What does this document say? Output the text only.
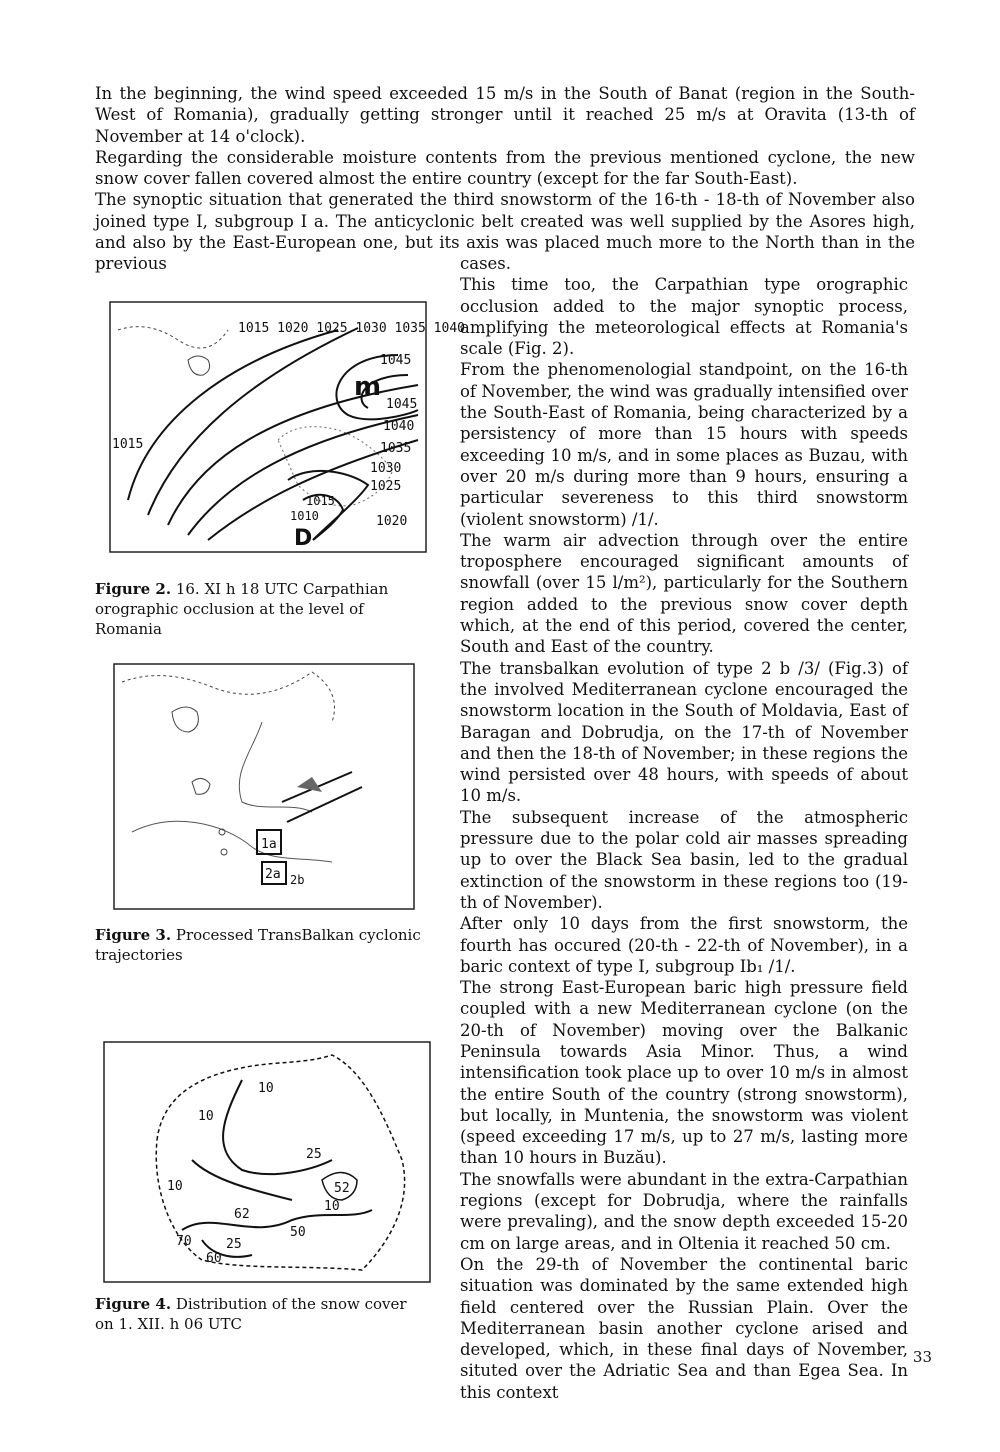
In the beginning, the wind speed exceeded 15 m/s in the South of Banat (region in the South-West of Romania), gradually getting stronger until it reached 25 m/s at Oravita (13-th of November at 14 o'clock).

Regarding the considerable moisture contents from the previous mentioned cyclone, the new snow cover fallen covered almost the entire country (except for the far South-East).

The synoptic situation that generated the third snowstorm of the 16-th - 18-th of November also joined type I, subgroup I a. The anticyclonic belt created was well supplied by the Asores high, and also by the East-European one, but its axis was placed much more to the North than in the previous	cases.

This time too, the Carpathian type orographic occlusion added to the major synoptic process, amplifying the meteorological effects at Romania's scale (Fig. 2).

From the phenomenologial standpoint, on the 16-th of November, the wind was gradually intensified over the South-East of Romania, being characterized by a persistency of more than 15 hours with speeds exceeding 10 m/s, and in some places as Buzau, with over 20 m/s during more than 9 hours, ensuring a particular severeness to this third snowstorm (violent snowstorm) /1/.

The warm air advection through over the entire troposphere encouraged significant amounts of snowfall (over 15 l/m²), particularly for the Southern region added to the previous snow cover depth which, at the end of this period, covered the center, South and East of the country.

The transbalkan evolution of type 2 b /3/ (Fig.3) of the involved Mediterranean cyclone encouraged the snowstorm location in the South of Moldavia, East of Baragan and Dobrudja, on the 17-th of November and then the 18-th of November; in these regions the wind persisted over 48 hours, with speeds of about 10 m/s.

The subsequent increase of the atmospheric pressure due to the polar cold air masses spreading up to over the Black Sea basin, led to the gradual extinction of the snowstorm in these regions too (19-th of November).

After only 10 days from the first snowstorm, the fourth has occured (20-th - 22-th of November), in a baric context of type I, subgroup Ib₁ /1/.

The strong East-European baric high pressure field coupled with a new Mediterranean cyclone (on the 20-th of November) moving over the Balkanic Peninsula towards Asia Minor. Thus, a wind intensification took place up to over 10 m/s in almost the entire South of the country (strong snowstorm), but locally, in Muntenia, the snowstorm was violent (speed exceeding 17 m/s, up to 27 m/s, lasting more than 10 hours in Buzău).

The snowfalls were abundant in the extra-Carpathian regions (except for Dobrudja, where the rainfalls were prevaling), and the snow depth exceeded 15-20 cm on large areas, and in Oltenia it reached 50 cm.

On the 29-th of November the continental baric situation was dominated by the same extended high field centered over the Russian Plain. Over the Mediterranean basin another cyclone arised and developed, which, in these final days of November, situted over the Adriatic Sea and than Egea Sea. In this context

1015 1020 1025 1030 1035 1040
1045
1045
1040
1035
1030
1025
1020
1015
1015
1010
m
D
Figure 2. 16. XI h 18 UTC Carpathian orographic occlusion at the level of Romania
1a
2a 2b
Figure 3. Processed TransBalkan cyclonic trajectories
10
10
25
52
10
10
62
50
70
60
25
Figure 4. Distribution of the snow cover on 1. XII. h 06 UTC
33
